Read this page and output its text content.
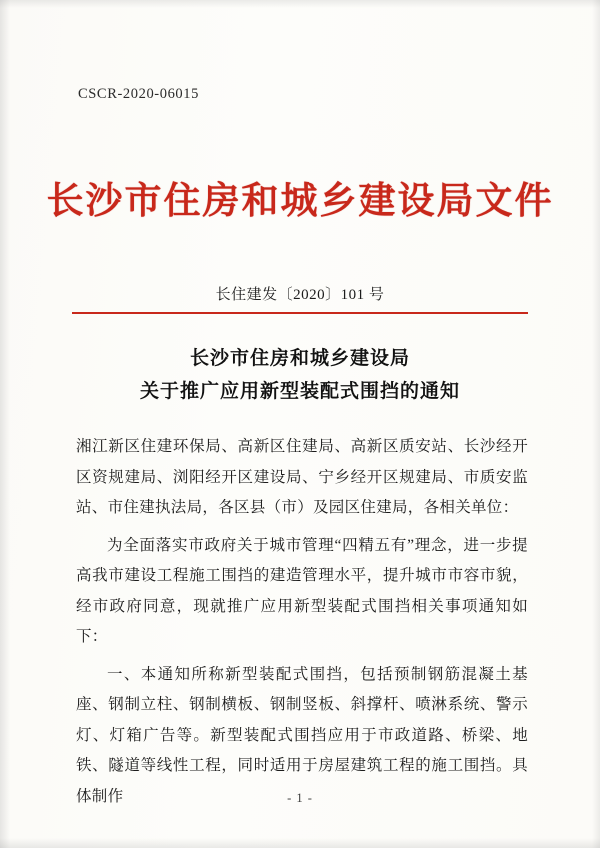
CSCR-2020-06015
长沙市住房和城乡建设局文件
长住建发〔2020〕101 号
长沙市住房和城乡建设局
关于推广应用新型装配式围挡的通知

湘江新区住建环保局、高新区住建局、高新区质安站、长沙经开区资规建局、浏阳经开区建设局、宁乡经开区规建局、市质安监站、市住建执法局，各区县（市）及园区住建局，各相关单位：

为全面落实市政府关于城市管理“四精五有”理念，进一步提高我市建设工程施工围挡的建造管理水平，提升城市市容市貌，经市政府同意，现就推广应用新型装配式围挡相关事项通知如下：

一、本通知所称新型装配式围挡，包括预制钢筋混凝土基座、钢制立柱、钢制横板、钢制竖板、斜撑杆、喷淋系统、警示灯、灯箱广告等。新型装配式围挡应用于市政道路、桥梁、地铁、隧道等线性工程，同时适用于房屋建筑工程的施工围挡。具体制作	- 1 -
